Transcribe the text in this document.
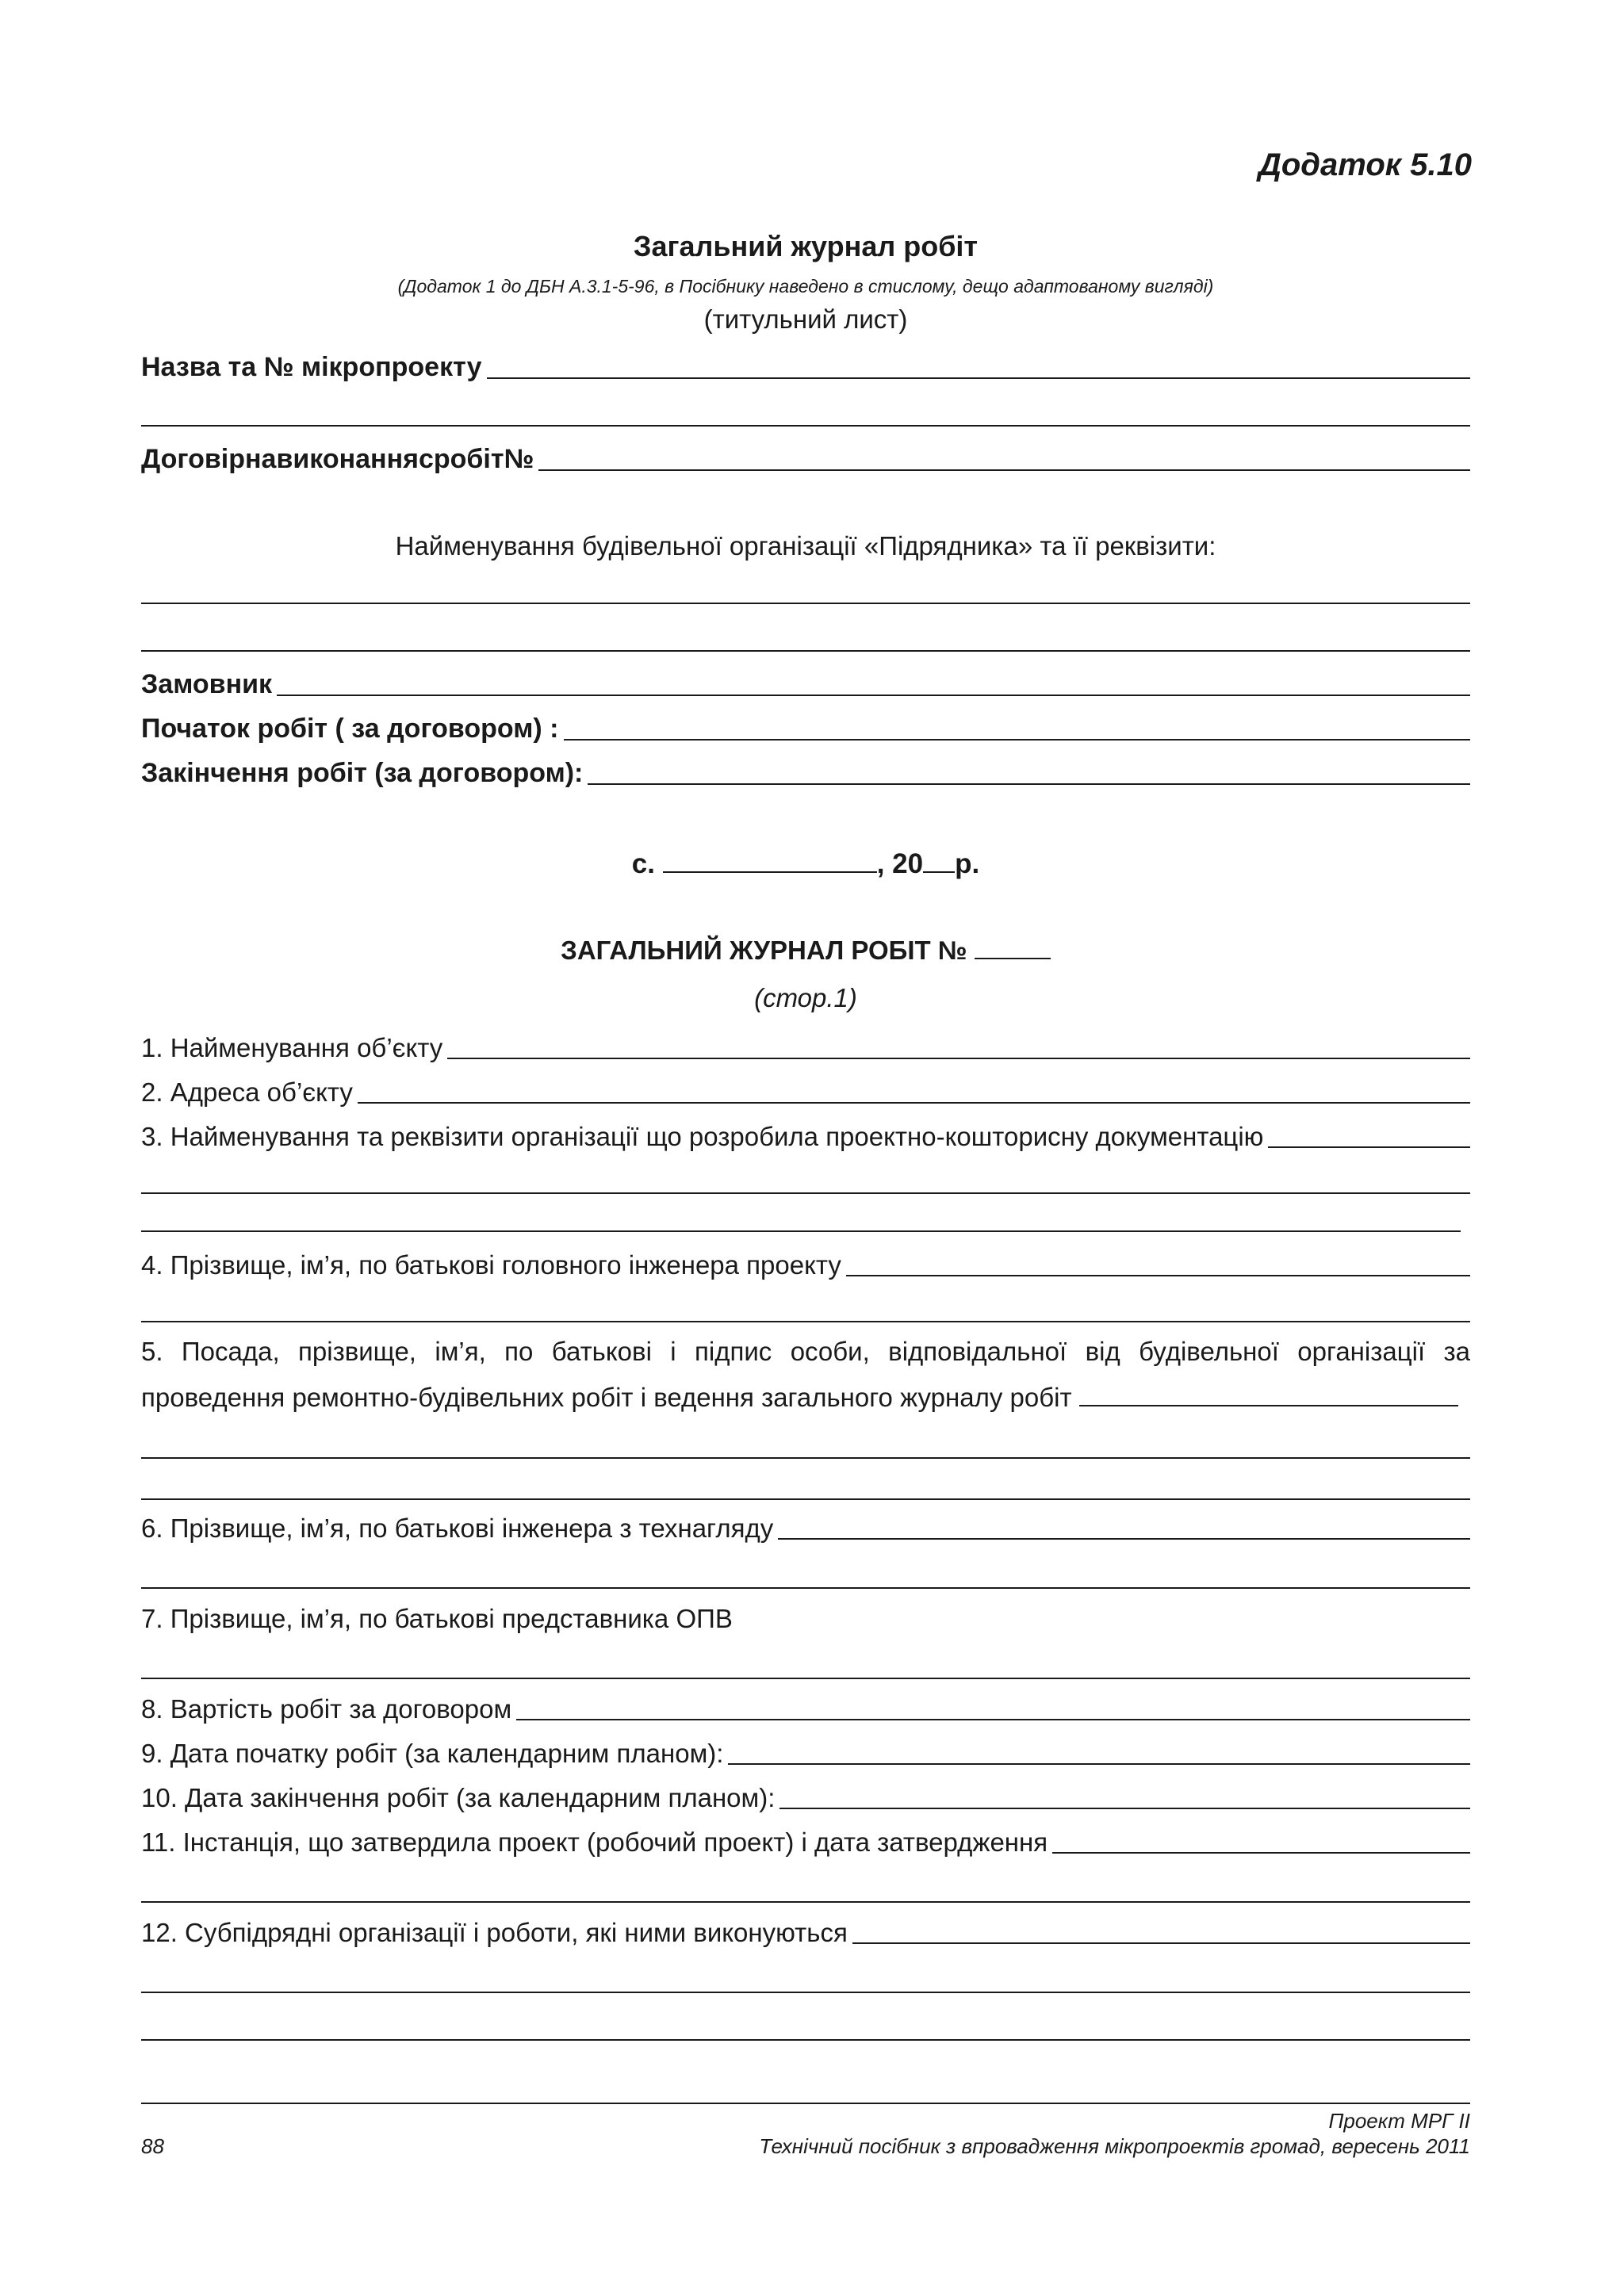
Додаток 5.10
Загальний журнал робіт
(Додаток 1 до ДБН А.3.1-5-96, в Посібнику наведено в стислому, дещо адаптованому вигляді)
(титульний лист)
Назва та № мікропроекту
Договірнавиконаннясробіт№
Найменування будівельної організації «Підрядника» та її реквізити:
Замовник
Початок робіт ( за договором) :
Закінчення робіт (за договором):
с.	, 20 р.
ЗАГАЛЬНИЙ ЖУРНАЛ РОБІТ №
(стор.1)
1. Найменування об’єкту
2. Адреса об’єкту
3. Найменування та реквізити організації що розробила проектно-кошторисну документацію
4. Прізвище, ім’я, по батькові головного інженера проекту
5. Посада, прізвище, ім’я, по батькові і підпис особи, відповідальної від будівельної організації за проведення ремонтно-будівельних робіт і ведення загального журналу робіт
6. Прізвище, ім’я, по батькові інженера з технагляду
7. Прізвище, ім’я, по батькові представника ОПВ
8. Вартість робіт за договором
9. Дата початку робіт (за календарним планом):
10. Дата закінчення робіт (за календарним планом):
11. Інстанція, що затвердила проект (робочий проект) і дата затвердження
12. Субпідрядні організації і роботи, які ними виконуються
Проект МРГ ІІ
88	Технічний посібник з впровадження мікропроектів громад, вересень 2011
